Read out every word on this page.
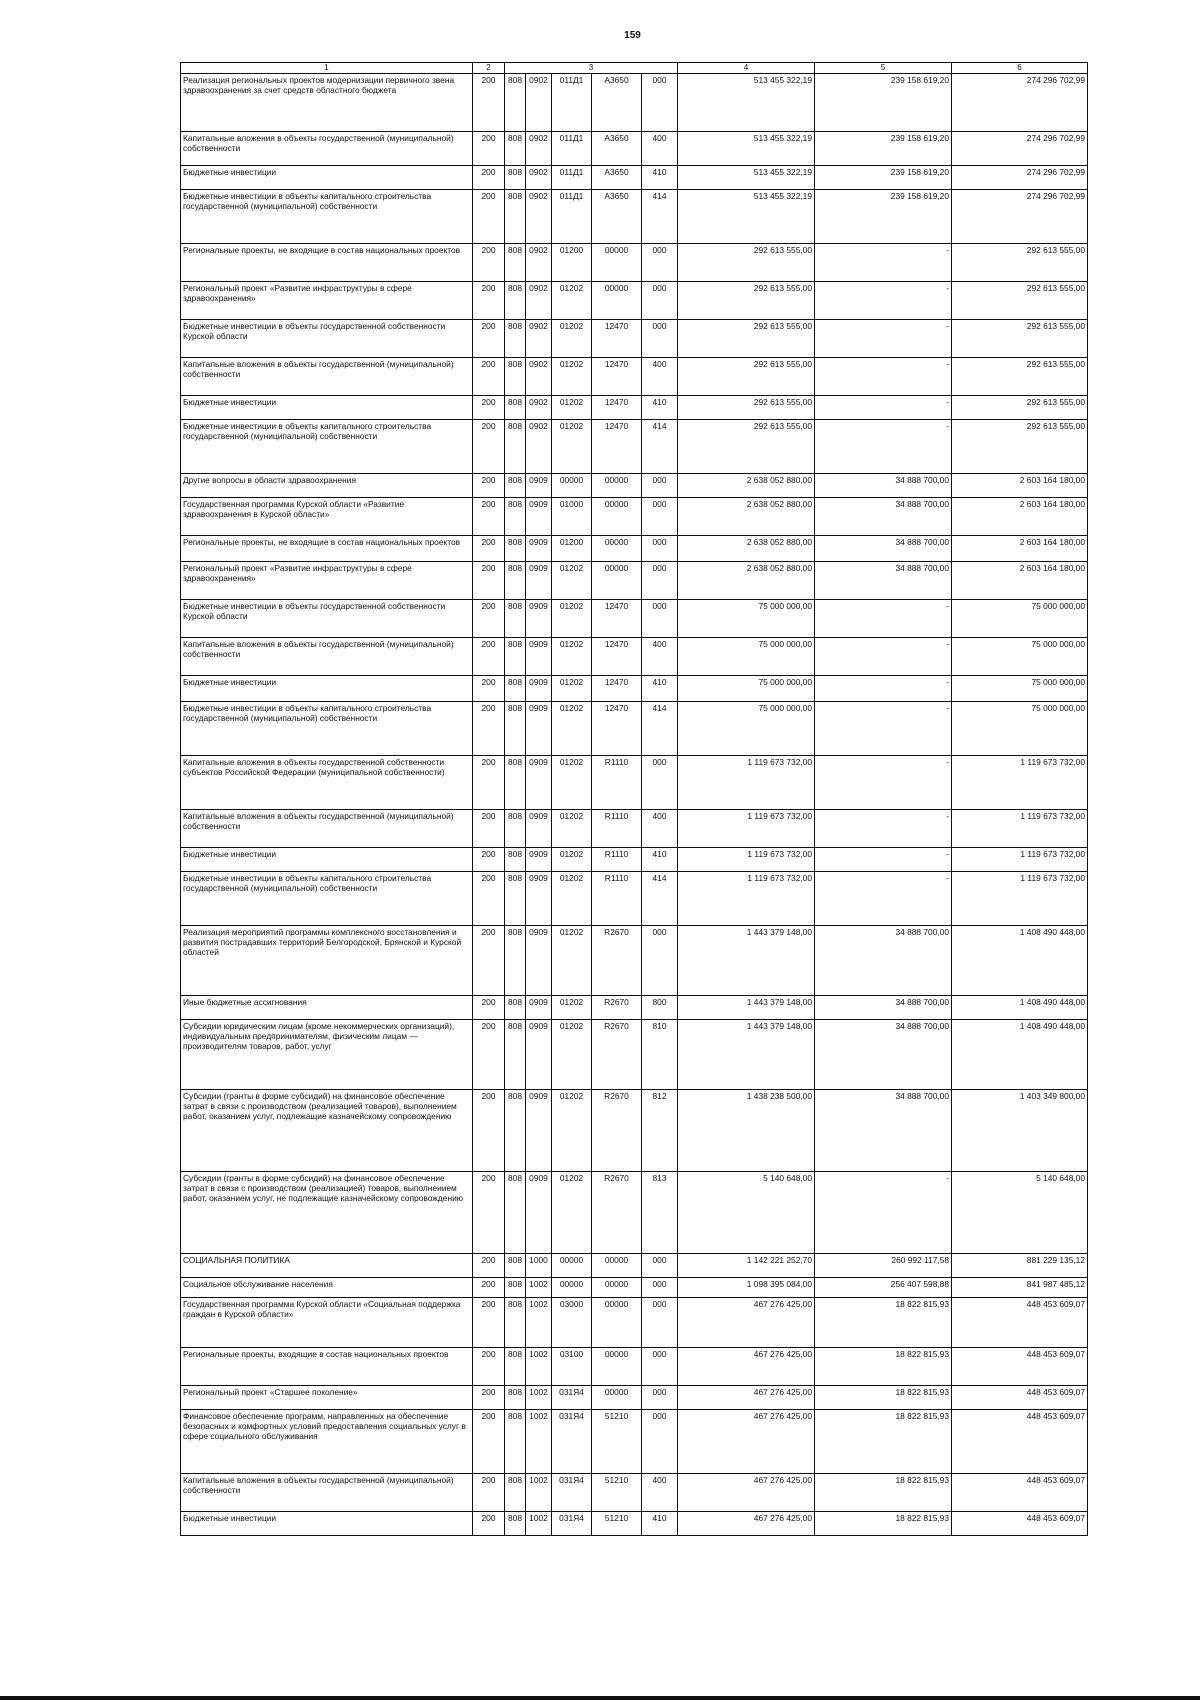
159
1	2	3					4	5	6
Реализация региональных проектов модернизации первичного звена здравоохранения за счет средств областного бюджета	200	808	0902	011Д1	А3650	000	513 455 322,19	239 158 619,20	274 296 702,99
Капитальные вложения в объекты государственной (муниципальной) собственности	200	808	0902	011Д1	А3650	400	513 455 322,19	239 158 619,20	274 296 702,99
Бюджетные инвестиции	200	808	0902	011Д1	А3650	410	513 455 322,19	239 158 619,20	274 296 702,99
Бюджетные инвестиции в объекты капитального строительства государственной (муниципальной) собственности	200	808	0902	011Д1	А3650	414	513 455 322,19	239 158 619,20	274 296 702,99
Региональные проекты, не входящие в состав национальных проектов	200	808	0902	01200	00000	000	292 613 555,00	-	292 613 555,00
Региональный проект «Развитие инфраструктуры в сфере здравоохранения»	200	808	0902	01202	00000	000	292 613 555,00	-	292 613 555,00
Бюджетные инвестиции в объекты государственной собственности Курской области	200	808	0902	01202	12470	000	292 613 555,00	-	292 613 555,00
Капитальные вложения в объекты государственной (муниципальной) собственности	200	808	0902	01202	12470	400	292 613 555,00	-	292 613 555,00
Бюджетные инвестиции	200	808	0902	01202	12470	410	292 613 555,00	-	292 613 555,00
Бюджетные инвестиции в объекты капитального строительства государственной (муниципальной) собственности	200	808	0902	01202	12470	414	292 613 555,00	-	292 613 555,00
Другие вопросы в области здравоохранения	200	808	0909	00000	00000	000	2 638 052 880,00	34 888 700,00	2 603 164 180,00
Государственная программа Курской области «Развитие здравоохранения в Курской области»	200	808	0909	01000	00000	000	2 638 052 880,00	34 888 700,00	2 603 164 180,00
Региональные проекты, не входящие в состав национальных проектов	200	808	0909	01200	00000	000	2 638 052 880,00	34 888 700,00	2 603 164 180,00
Региональный проект «Развитие инфраструктуры в сфере здравоохранения»	200	808	0909	01202	00000	000	2 638 052 880,00	34 888 700,00	2 603 164 180,00
Бюджетные инвестиции в объекты государственной собственности Курской области	200	808	0909	01202	12470	000	75 000 000,00	-	75 000 000,00
Капитальные вложения в объекты государственной (муниципальной) собственности	200	808	0909	01202	12470	400	75 000 000,00	-	75 000 000,00
Бюджетные инвестиции	200	808	0909	01202	12470	410	75 000 000,00	-	75 000 000,00
Бюджетные инвестиции в объекты капитального строительства государственной (муниципальной) собственности	200	808	0909	01202	12470	414	75 000 000,00	-	75 000 000,00
Капитальные вложения в объекты государственной собственности субъектов Российской Федерации (муниципальной собственности)	200	808	0909	01202	R1110	000	1 119 673 732,00	-	1 119 673 732,00
Капитальные вложения в объекты государственной (муниципальной) собственности	200	808	0909	01202	R1110	400	1 119 673 732,00	-	1 119 673 732,00
Бюджетные инвестиции	200	808	0909	01202	R1110	410	1 119 673 732,00	-	1 119 673 732,00
Бюджетные инвестиции в объекты капитального строительства государственной (муниципальной) собственности	200	808	0909	01202	R1110	414	1 119 673 732,00	-	1 119 673 732,00
Реализация мероприятий программы комплексного восстановления и развития пострадавших территорий Белгородской, Брянской и Курской областей	200	808	0909	01202	R2670	000	1 443 379 148,00	34 888 700,00	1 408 490 448,00
Иные бюджетные ассигнования	200	808	0909	01202	R2670	800	1 443 379 148,00	34 888 700,00	1 408 490 448,00
Субсидии юридическим лицам (кроме некоммерческих организаций), индивидуальным предпринимателям, физическим лицам — производителям товаров, работ, услуг	200	808	0909	01202	R2670	810	1 443 379 148,00	34 888 700,00	1 408 490 448,00
Субсидии (гранты в форме субсидий) на финансовое обеспечение затрат в связи с производством (реализацией товаров), выполнением работ, оказанием услуг, подлежащие казначейскому сопровождению	200	808	0909	01202	R2670	812	1 438 238 500,00	34 888 700,00	1 403 349 800,00
Субсидии (гранты в форме субсидий) на финансовое обеспечение затрат в связи с производством (реализацией) товаров, выполнением работ, оказанием услуг, не подлежащие казначейскому сопровождению	200	808	0909	01202	R2670	813	5 140 648,00	-	5 140 648,00
СОЦИАЛЬНАЯ ПОЛИТИКА	200	808	1000	00000	00000	000	1 142 221 252,70	260 992 117,58	881 229 135,12
Социальное обслуживание населения	200	808	1002	00000	00000	000	1 098 395 084,00	256 407 598,88	841 987 485,12
Государственная программа Курской области «Социальная поддержка граждан в Курской области»	200	808	1002	03000	00000	000	467 276 425,00	18 822 815,93	448 453 609,07
Региональные проекты, входящие в состав национальных проектов	200	808	1002	03100	00000	000	467 276 425,00	18 822 815,93	448 453 609,07
Региональный проект «Старшее поколение»	200	808	1002	031Я4	00000	000	467 276 425,00	18 822 815,93	448 453 609,07
Финансовое обеспечение программ, направленных на обеспечение безопасных и комфортных условий предоставления социальных услуг в сфере социального обслуживания	200	808	1002	031Я4	51210	000	467 276 425,00	18 822 815,93	448 453 609,07
Капитальные вложения в объекты государственной (муниципальной) собственности	200	808	1002	031Я4	51210	400	467 276 425,00	18 822 815,93	448 453 609,07
Бюджетные инвестиции	200	808	1002	031Я4	51210	410	467 276 425,00	18 822 815,93	448 453 609,07
